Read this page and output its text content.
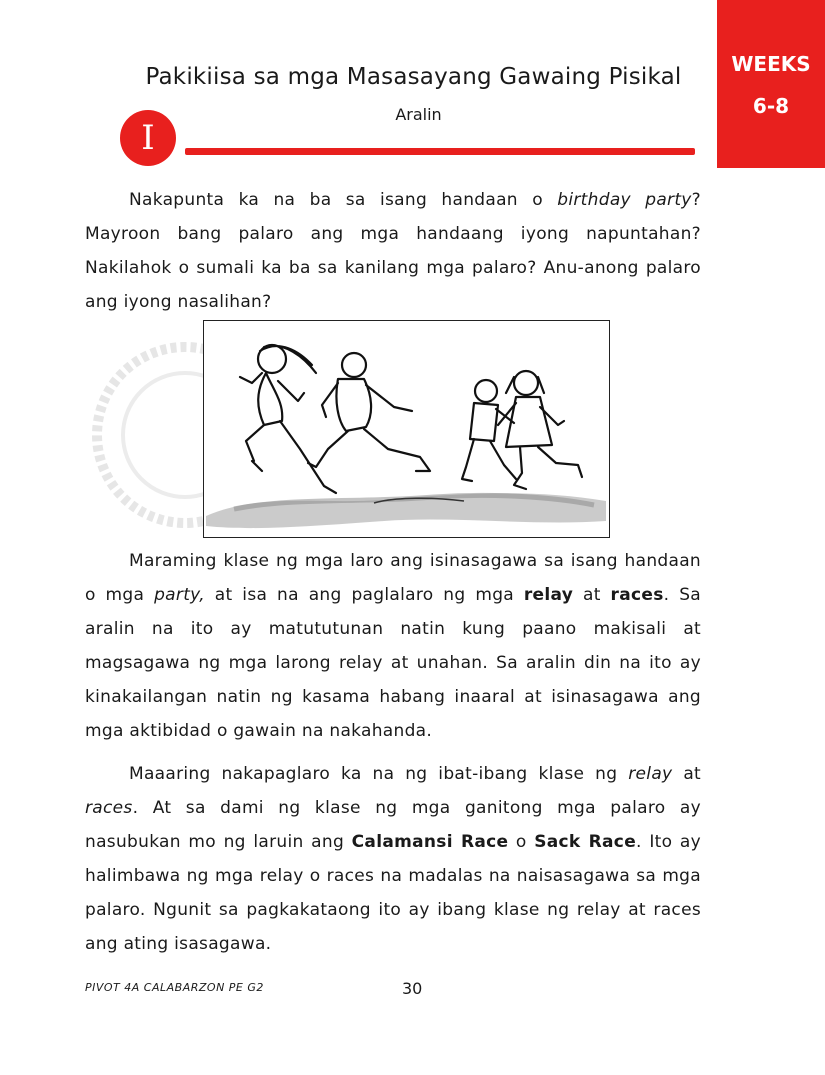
WEEKS
6-8
Pakikiisa sa mga Masasayang Gawaing Pisikal
Aralin
I

Nakapunta ka na ba sa isang handaan o birthday party? Mayroon bang palaro ang mga handaang iyong napuntahan? Nakilahok o sumali ka ba sa kanilang mga palaro? Anu-anong palaro ang iyong nasalihan?

Maraming klase ng mga laro ang isinasagawa sa isang handaan o mga party, at isa na ang paglalaro ng mga relay at races. Sa aralin na ito ay matututunan natin kung paano makisali at magsagawa ng mga larong relay at unahan. Sa aralin din na ito ay kinakailangan natin ng kasama habang inaaral at isinasagawa ang mga aktibidad o gawain na nakahanda.

Maaaring nakapaglaro ka na ng ibat-ibang klase ng relay at races. At sa dami ng klase ng mga ganitong mga palaro ay nasubukan mo ng laruin ang Calamansi Race o Sack Race. Ito ay halimbawa ng mga relay o races na madalas na naisasagawa sa mga palaro. Ngunit sa pagkakataong ito ay ibang klase ng relay at races ang ating isasagawa.

PIVOT 4A CALABARZON PE G2	30
